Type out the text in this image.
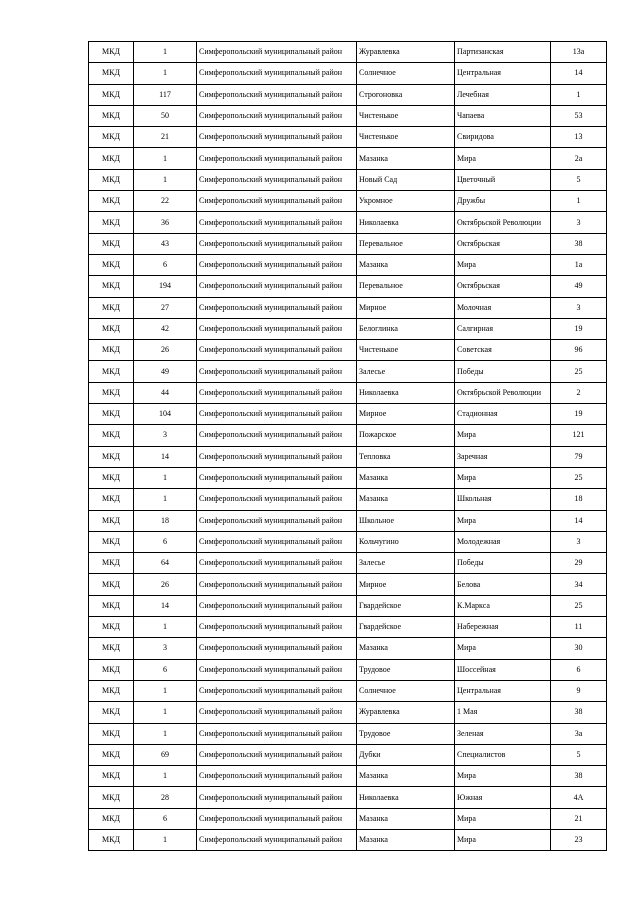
МКД	1	Симферопольский муниципальный район	Журавлевка	Партизанская	13а
МКД	1	Симферопольский муниципальный район	Солнечное	Центральная	14
МКД	117	Симферопольский муниципальный район	Строгоновка	Лечебная	1
МКД	50	Симферопольский муниципальный район	Чистенькое	Чапаева	53
МКД	21	Симферопольский муниципальный район	Чистенькое	Свиридова	13
МКД	1	Симферопольский муниципальный район	Мазанка	Мира	2а
МКД	1	Симферопольский муниципальный район	Новый Сад	Цветочный	5
МКД	22	Симферопольский муниципальный район	Укромное	Дружбы	1
МКД	36	Симферопольский муниципальный район	Николаевка	Октябрьской Революции	3
МКД	43	Симферопольский муниципальный район	Перевальное	Октябрьская	38
МКД	6	Симферопольский муниципальный район	Мазанка	Мира	1а
МКД	194	Симферопольский муниципальный район	Перевальное	Октябрьская	49
МКД	27	Симферопольский муниципальный район	Мирное	Молочная	3
МКД	42	Симферопольский муниципальный район	Белоглинка	Салгирная	19
МКД	26	Симферопольский муниципальный район	Чистенькое	Советская	96
МКД	49	Симферопольский муниципальный район	Залесье	Победы	25
МКД	44	Симферопольский муниципальный район	Николаевка	Октябрьской Революции	2
МКД	104	Симферопольский муниципальный район	Мирное	Стадионная	19
МКД	3	Симферопольский муниципальный район	Пожарское	Мира	121
МКД	14	Симферопольский муниципальный район	Тепловка	Заречная	79
МКД	1	Симферопольский муниципальный район	Мазанка	Мира	25
МКД	1	Симферопольский муниципальный район	Мазанка	Школьная	18
МКД	18	Симферопольский муниципальный район	Школьное	Мира	14
МКД	6	Симферопольский муниципальный район	Кольчугино	Молодежная	3
МКД	64	Симферопольский муниципальный район	Залесье	Победы	29
МКД	26	Симферопольский муниципальный район	Мирное	Белова	34
МКД	14	Симферопольский муниципальный район	Гвардейское	К.Маркса	25
МКД	1	Симферопольский муниципальный район	Гвардейское	Набережная	11
МКД	3	Симферопольский муниципальный район	Мазанка	Мира	30
МКД	6	Симферопольский муниципальный район	Трудовое	Шоссейная	6
МКД	1	Симферопольский муниципальный район	Солнечное	Центральная	9
МКД	1	Симферопольский муниципальный район	Журавлевка	1 Мая	38
МКД	1	Симферопольский муниципальный район	Трудовое	Зеленая	3а
МКД	69	Симферопольский муниципальный район	Дубки	Специалистов	5
МКД	1	Симферопольский муниципальный район	Мазанка	Мира	38
МКД	28	Симферопольский муниципальный район	Николаевка	Южная	4А
МКД	6	Симферопольский муниципальный район	Мазанка	Мира	21
МКД	1	Симферопольский муниципальный район	Мазанка	Мира	23
